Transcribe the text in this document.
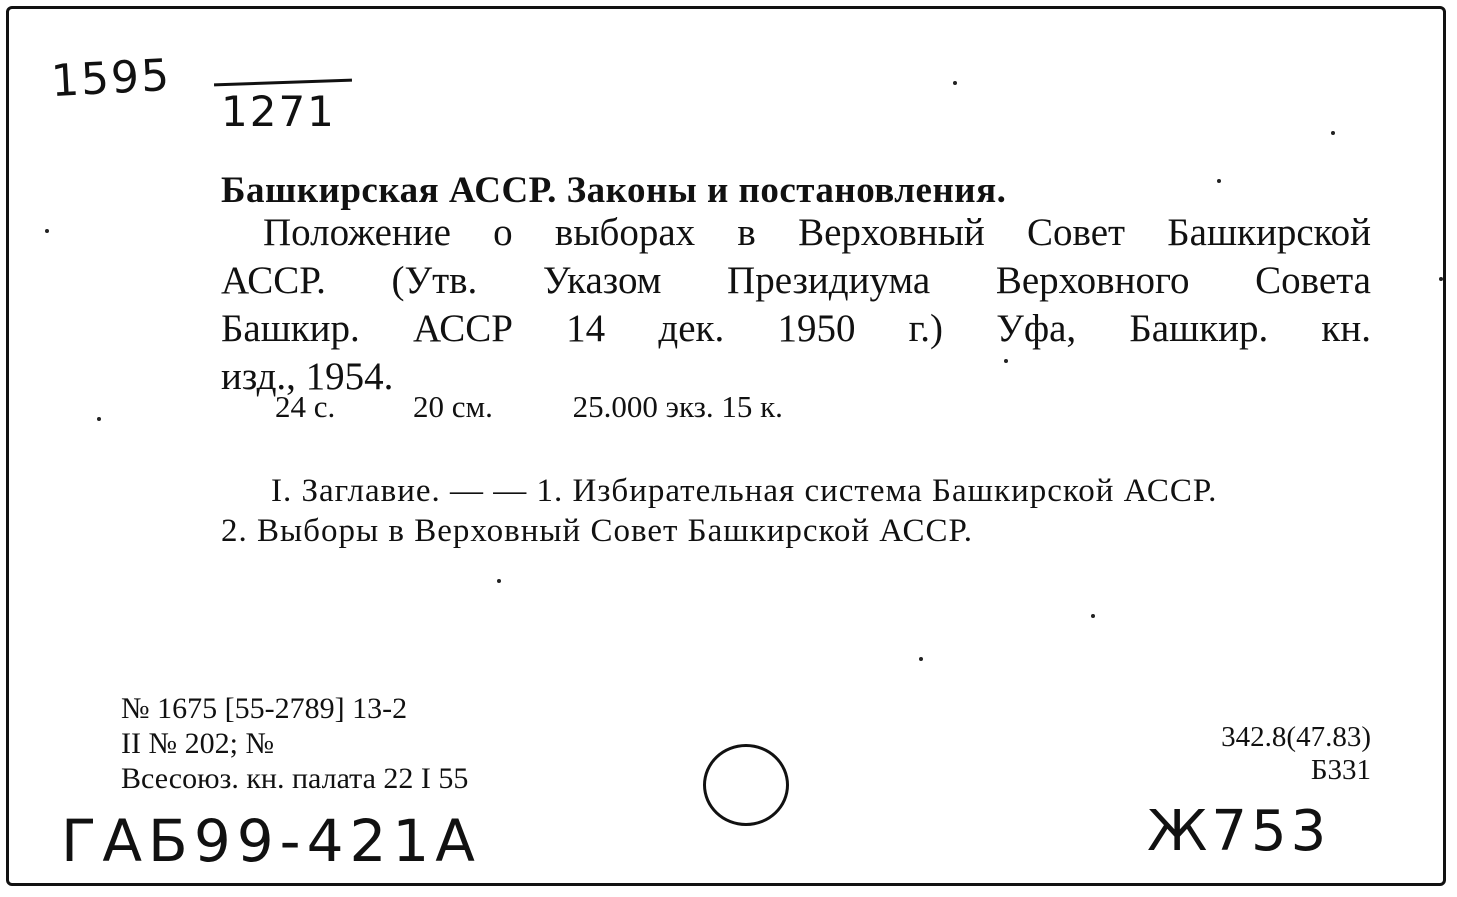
1595
1271
Башкирская АССР. Законы и постановления.
Положение о выборах в Верховный Совет Башкирской
АССР. (Утв. Указом Президиума Верховного Совета
Башкир. АССР 14 дек. 1950 г.) Уфа, Башкир. кн.
изд., 1954.
24 с.	20 см.	25.000 экз. 15 к.
I. Заглавие. — — 1. Избирательная система Башкирской АССР.
2. Выборы в Верховный Совет Башкирской АССР.
№ 1675 [55-2789] 13-2
II № 202; №
Всесоюз. кн. палата 22 I 55
342.8(47.83)
Б331
ГАБ99-421А	Ж753
